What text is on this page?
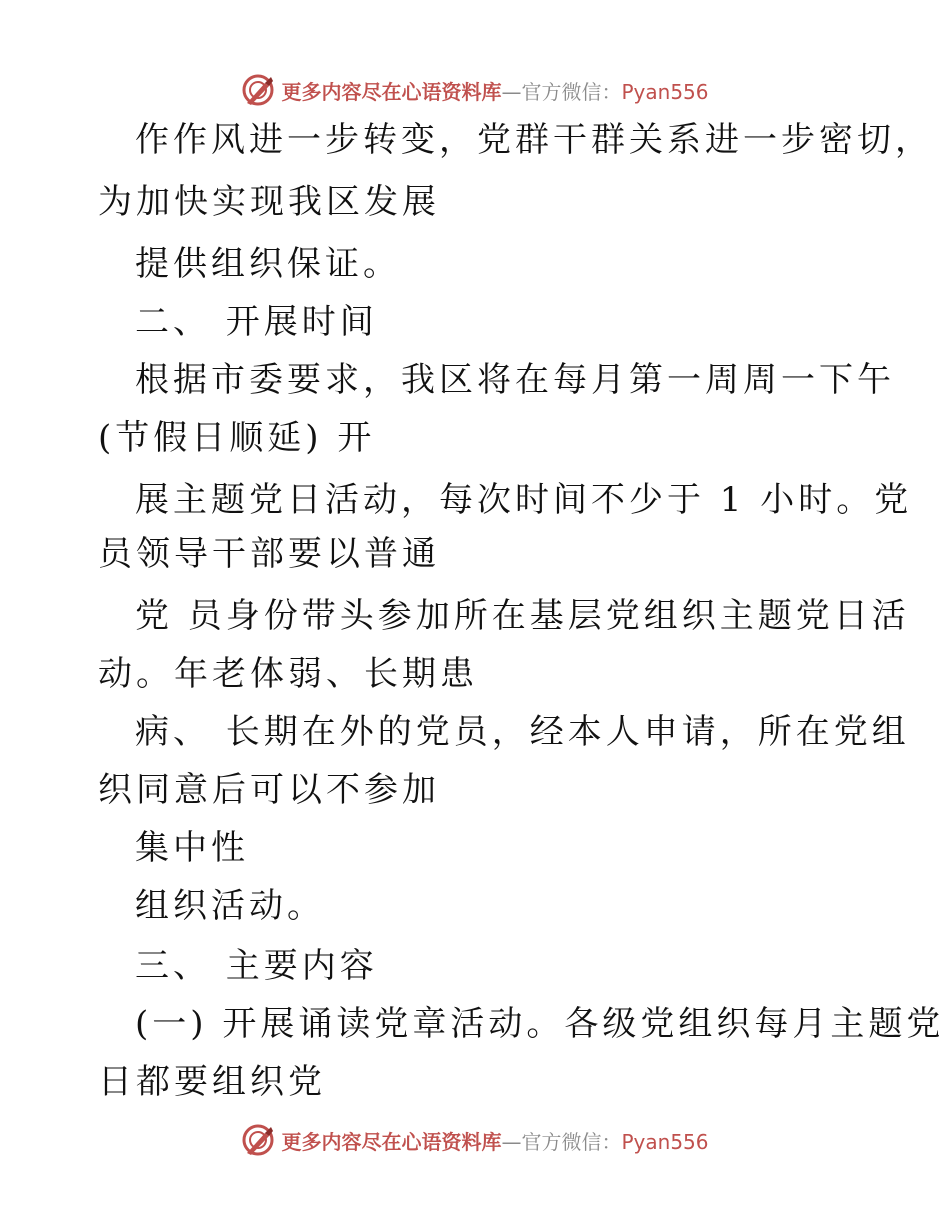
更多内容尽在心语资料库—官方微信：Pyan556
作作风进一步转变，党群干群关系进一步密切，
为加快实现我区发展
提供组织保证。
二、 开展时间
根据市委要求，我区将在每月第一周周一下午
(节假日顺延) 开
展主题党日活动，每次时间不少于 1 小时。党
员领导干部要以普通
党 员身份带头参加所在基层党组织主题党日活
动。年老体弱、长期患
病、 长期在外的党员，经本人申请，所在党组
织同意后可以不参加
集中性
组织活动。
三、 主要内容
(一) 开展诵读党章活动。各级党组织每月主题党
日都要组织党
更多内容尽在心语资料库—官方微信：Pyan556
